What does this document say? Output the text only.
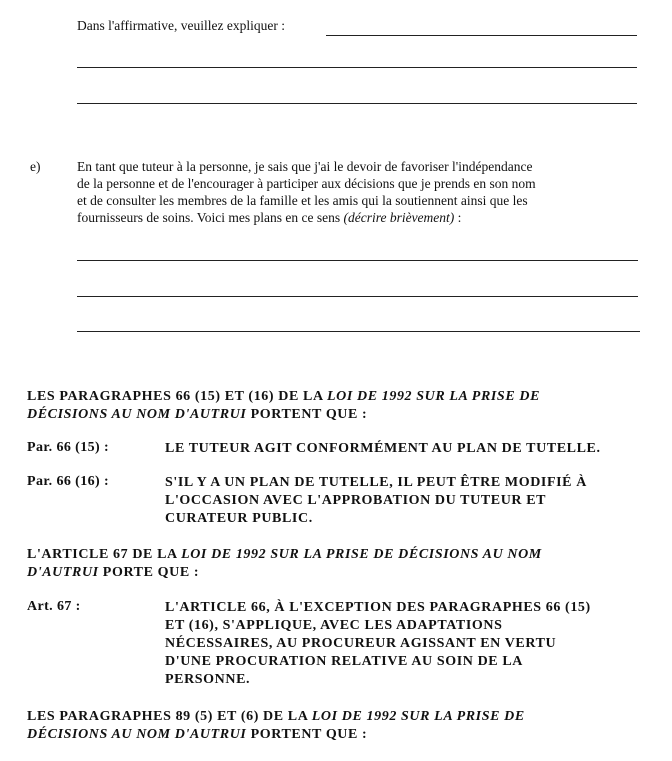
Dans l'affirmative, veuillez expliquer :
e)	En tant que tuteur à la personne, je sais que j'ai le devoir de favoriser l'indépendance
de la personne et de l'encourager à participer aux décisions que je prends en son nom
et de consulter les membres de la famille et les amis qui la soutiennent ainsi que les
fournisseurs de soins. Voici mes plans en ce sens (décrire brièvement) :
LES PARAGRAPHES 66 (15) ET (16) DE LA LOI DE 1992 SUR LA PRISE DE
DÉCISIONS AU NOM D'AUTRUI PORTENT QUE :
Par. 66 (15) :	LE TUTEUR AGIT CONFORMÉMENT AU PLAN DE TUTELLE.
Par. 66 (16) :	S'IL Y A UN PLAN DE TUTELLE, IL PEUT ÊTRE MODIFIÉ À
L'OCCASION AVEC L'APPROBATION DU TUTEUR ET
CURATEUR PUBLIC.
L'ARTICLE 67 DE LA LOI DE 1992 SUR LA PRISE DE DÉCISIONS AU NOM
D'AUTRUI PORTE QUE :
Art. 67 :	L'ARTICLE 66, À L'EXCEPTION DES PARAGRAPHES 66 (15)
ET (16), S'APPLIQUE, AVEC LES ADAPTATIONS
NÉCESSAIRES, AU PROCUREUR AGISSANT EN VERTU
D'UNE PROCURATION RELATIVE AU SOIN DE LA
PERSONNE.
LES PARAGRAPHES 89 (5) ET (6) DE LA LOI DE 1992 SUR LA PRISE DE
DÉCISIONS AU NOM D'AUTRUI PORTENT QUE :
